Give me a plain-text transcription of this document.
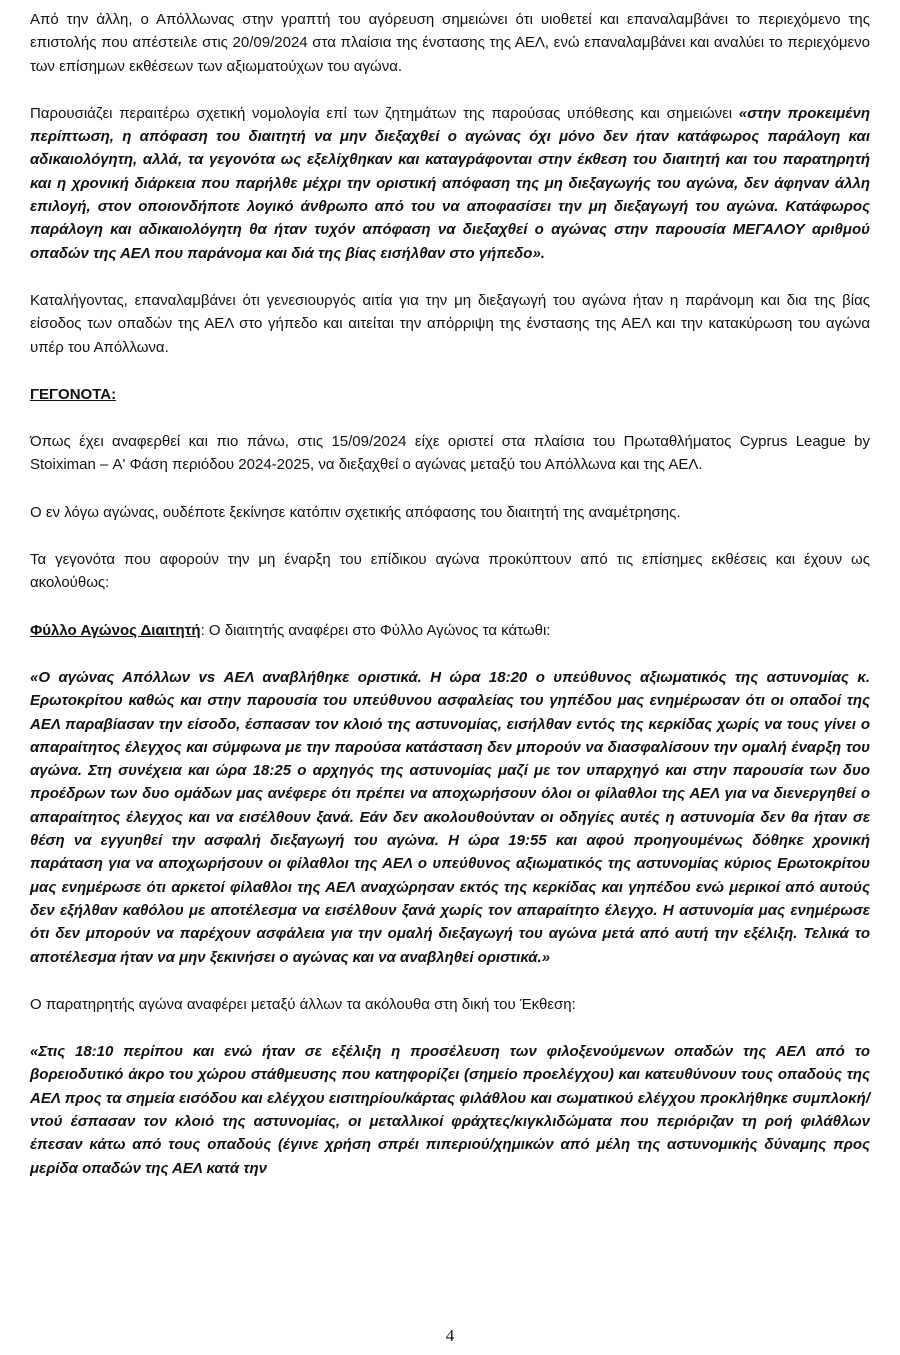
Από την άλλη, ο Απόλλωνας στην γραπτή του αγόρευση σημειώνει ότι υιοθετεί και επαναλαμβάνει το περιεχόμενο της επιστολής που απέστειλε στις 20/09/2024 στα πλαίσια της ένστασης της ΑΕΛ, ενώ επαναλαμβάνει και αναλύει το περιεχόμενο των επίσημων εκθέσεων των αξιωματούχων του αγώνα.

Παρουσιάζει περαιτέρω σχετική νομολογία επί των ζητημάτων της παρούσας υπόθεσης και σημειώνει «στην προκειμένη περίπτωση, η απόφαση του διαιτητή να μην διεξαχθεί ο αγώνας όχι μόνο δεν ήταν κατάφωρος παράλογη και αδικαιολόγητη, αλλά, τα γεγονότα ως εξελίχθηκαν και καταγράφονται στην έκθεση του διαιτητή και του παρατηρητή και η χρονική διάρκεια που παρήλθε μέχρι την οριστική απόφαση της μη διεξαγωγής του αγώνα, δεν άφηναν άλλη επιλογή, στον οποιονδήποτε λογικό άνθρωπο από του να αποφασίσει την μη διεξαγωγή του αγώνα. Κατάφωρος παράλογη και αδικαιολόγητη θα ήταν τυχόν απόφαση να διεξαχθεί ο αγώνας στην παρουσία ΜΕΓΑΛΟΥ αριθμού οπαδών της ΑΕΛ που παράνομα και διά της βίας εισήλθαν στο γήπεδο».

Καταλήγοντας, επαναλαμβάνει ότι γενεσιουργός αιτία για την μη διεξαγωγή του αγώνα ήταν η παράνομη και δια της βίας είσοδος των οπαδών της ΑΕΛ στο γήπεδο και αιτείται την απόρριψη της ένστασης της ΑΕΛ και την κατακύρωση του αγώνα υπέρ του Απόλλωνα.

ΓΕΓΟΝΟΤΑ:

Όπως έχει αναφερθεί και πιο πάνω, στις 15/09/2024 είχε οριστεί στα πλαίσια του Πρωταθλήματος Cyprus League by Stoiximan – Α' Φάση περιόδου 2024-2025, να διεξαχθεί ο αγώνας μεταξύ του Απόλλωνα και της ΑΕΛ.

Ο εν λόγω αγώνας, ουδέποτε ξεκίνησε κατόπιν σχετικής απόφασης του διαιτητή της αναμέτρησης.

Τα γεγονότα που αφορούν την μη έναρξη του επίδικου αγώνα προκύπτουν από τις επίσημες εκθέσεις και έχουν ως ακολούθως:

Φύλλο Αγώνος Διαιτητή: Ο διαιτητής αναφέρει στο Φύλλο Αγώνος τα κάτωθι:

«Ο αγώνας Απόλλων vs ΑΕΛ αναβλήθηκε οριστικά. Η ώρα 18:20 ο υπεύθυνος αξιωματικός της αστυνομίας κ. Ερωτοκρίτου καθώς και στην παρουσία του υπεύθυνου ασφαλείας του γηπέδου μας ενημέρωσαν ότι οι οπαδοί της ΑΕΛ παραβίασαν την είσοδο, έσπασαν τον κλοιό της αστυνομίας, εισήλθαν εντός της κερκίδας χωρίς να τους γίνει ο απαραίτητος έλεγχος και σύμφωνα με την παρούσα κατάσταση δεν μπορούν να διασφαλίσουν την ομαλή έναρξη του αγώνα. Στη συνέχεια και ώρα 18:25 ο αρχηγός της αστυνομίας μαζί με τον υπαρχηγό και στην παρουσία των δυο προέδρων των δυο ομάδων μας ανέφερε ότι πρέπει να αποχωρήσουν όλοι οι φίλαθλοι της ΑΕΛ για να διενεργηθεί ο απαραίτητος έλεγχος και να εισέλθουν ξανά. Εάν δεν ακολουθούνταν οι οδηγίες αυτές η αστυνομία δεν θα ήταν σε θέση να εγγυηθεί την ασφαλή διεξαγωγή του αγώνα. Η ώρα 19:55 και αφού προηγουμένως δόθηκε χρονική παράταση για να αποχωρήσουν οι φίλαθλοι της ΑΕΛ ο υπεύθυνος αξιωματικός της αστυνομίας κύριος Ερωτοκρίτου μας ενημέρωσε ότι αρκετοί φίλαθλοι της ΑΕΛ αναχώρησαν εκτός της κερκίδας και γηπέδου ενώ μερικοί από αυτούς δεν εξήλθαν καθόλου με αποτέλεσμα να εισέλθουν ξανά χωρίς τον απαραίτητο έλεγχο. Η αστυνομία μας ενημέρωσε ότι δεν μπορούν να παρέχουν ασφάλεια για την ομαλή διεξαγωγή του αγώνα μετά από αυτή την εξέλιξη. Τελικά το αποτέλεσμα ήταν να μην ξεκινήσει ο αγώνας και να αναβληθεί οριστικά.»

Ο παρατηρητής αγώνα αναφέρει μεταξύ άλλων τα ακόλουθα στη δική του Έκθεση:

«Στις 18:10 περίπου και ενώ ήταν σε εξέλιξη η προσέλευση των φιλοξενούμενων οπαδών της ΑΕΛ από το βορειοδυτικό άκρο του χώρου στάθμευσης που κατηφορίζει (σημείο προελέγχου) και κατευθύνουν τους οπαδούς της ΑΕΛ προς τα σημεία εισόδου και ελέγχου εισιτηρίου/κάρτας φιλάθλου και σωματικού ελέγχου προκλήθηκε συμπλοκή/ντού έσπασαν τον κλοιό της αστυνομίας, οι μεταλλικοί φράχτες/κιγκλιδώματα που περιόριζαν τη ροή φιλάθλων έπεσαν κάτω από τους οπαδούς (έγινε χρήση σπρέι πιπεριού/χημικών από μέλη της αστυνομικής δύναμης προς μερίδα οπαδών της ΑΕΛ κατά την

4
